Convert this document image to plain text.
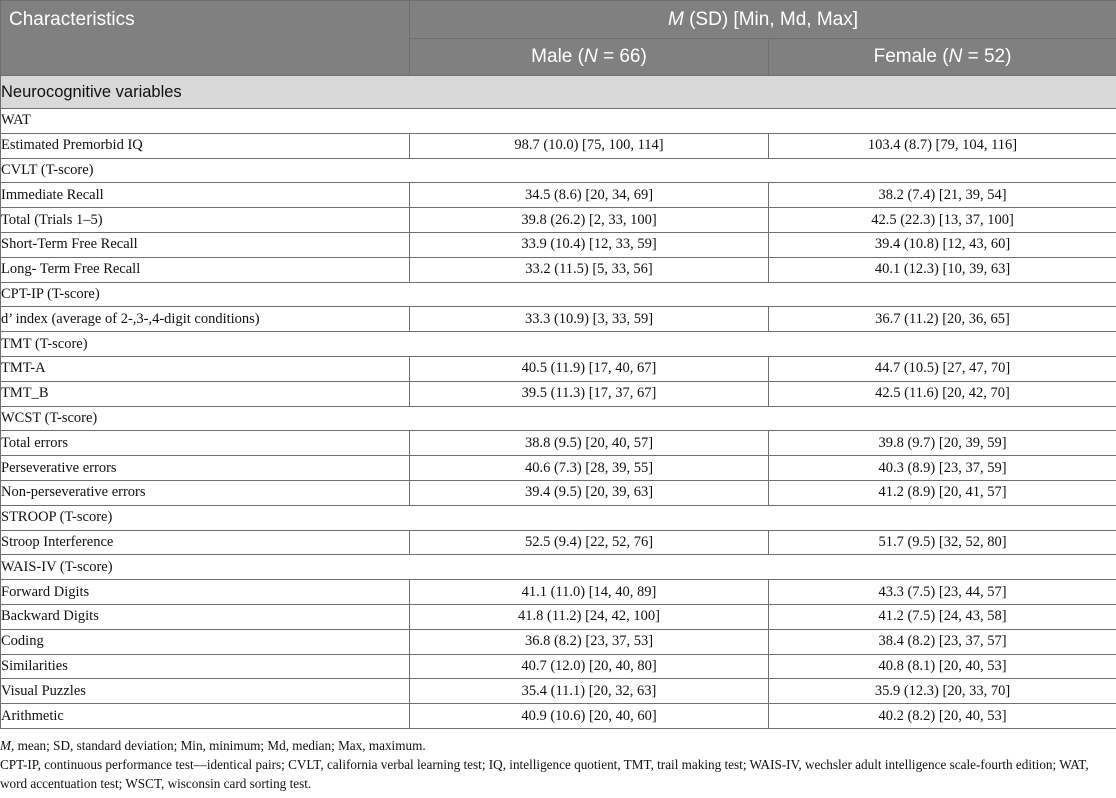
Characteristics	M (SD) [Min, Md, Max]	
	Male (N = 66)	Female (N = 52)
Neurocognitive variables		
WAT		
Estimated Premorbid IQ	98.7 (10.0) [75, 100, 114]	103.4 (8.7) [79, 104, 116]
CVLT (T-score)		
Immediate Recall	34.5 (8.6) [20, 34, 69]	38.2 (7.4) [21, 39, 54]
Total (Trials 1–5)	39.8 (26.2) [2, 33, 100]	42.5 (22.3) [13, 37, 100]
Short-Term Free Recall	33.9 (10.4) [12, 33, 59]	39.4 (10.8) [12, 43, 60]
Long- Term Free Recall	33.2 (11.5) [5, 33, 56]	40.1 (12.3) [10, 39, 63]
CPT-IP (T-score)		
d’ index (average of 2-,3-,4-digit conditions)	33.3 (10.9) [3, 33, 59]	36.7 (11.2) [20, 36, 65]
TMT (T-score)		
TMT-A	40.5 (11.9) [17, 40, 67]	44.7 (10.5) [27, 47, 70]
TMT_B	39.5 (11.3) [17, 37, 67]	42.5 (11.6) [20, 42, 70]
WCST (T-score)		
Total errors	38.8 (9.5) [20, 40, 57]	39.8 (9.7) [20, 39, 59]
Perseverative errors	40.6 (7.3) [28, 39, 55]	40.3 (8.9) [23, 37, 59]
Non-perseverative errors	39.4 (9.5) [20, 39, 63]	41.2 (8.9) [20, 41, 57]
STROOP (T-score)		
Stroop Interference	52.5 (9.4) [22, 52, 76]	51.7 (9.5) [32, 52, 80]
WAIS-IV (T-score)		
Forward Digits	41.1 (11.0) [14, 40, 89]	43.3 (7.5) [23, 44, 57]
Backward Digits	41.8 (11.2) [24, 42, 100]	41.2 (7.5) [24, 43, 58]
Coding	36.8 (8.2) [23, 37, 53]	38.4 (8.2) [23, 37, 57]
Similarities	40.7 (12.0) [20, 40, 80]	40.8 (8.1) [20, 40, 53]
Visual Puzzles	35.4 (11.1) [20, 32, 63]	35.9 (12.3) [20, 33, 70]
Arithmetic	40.9 (10.6) [20, 40, 60]	40.2 (8.2) [20, 40, 53]

M, mean; SD, standard deviation; Min, minimum; Md, median; Max, maximum.

CPT-IP, continuous performance test—identical pairs; CVLT, california verbal learning test; IQ, intelligence quotient, TMT, trail making test; WAIS-IV, wechsler adult intelligence scale-fourth edition; WAT, word accentuation test; WSCT, wisconsin card sorting test.
